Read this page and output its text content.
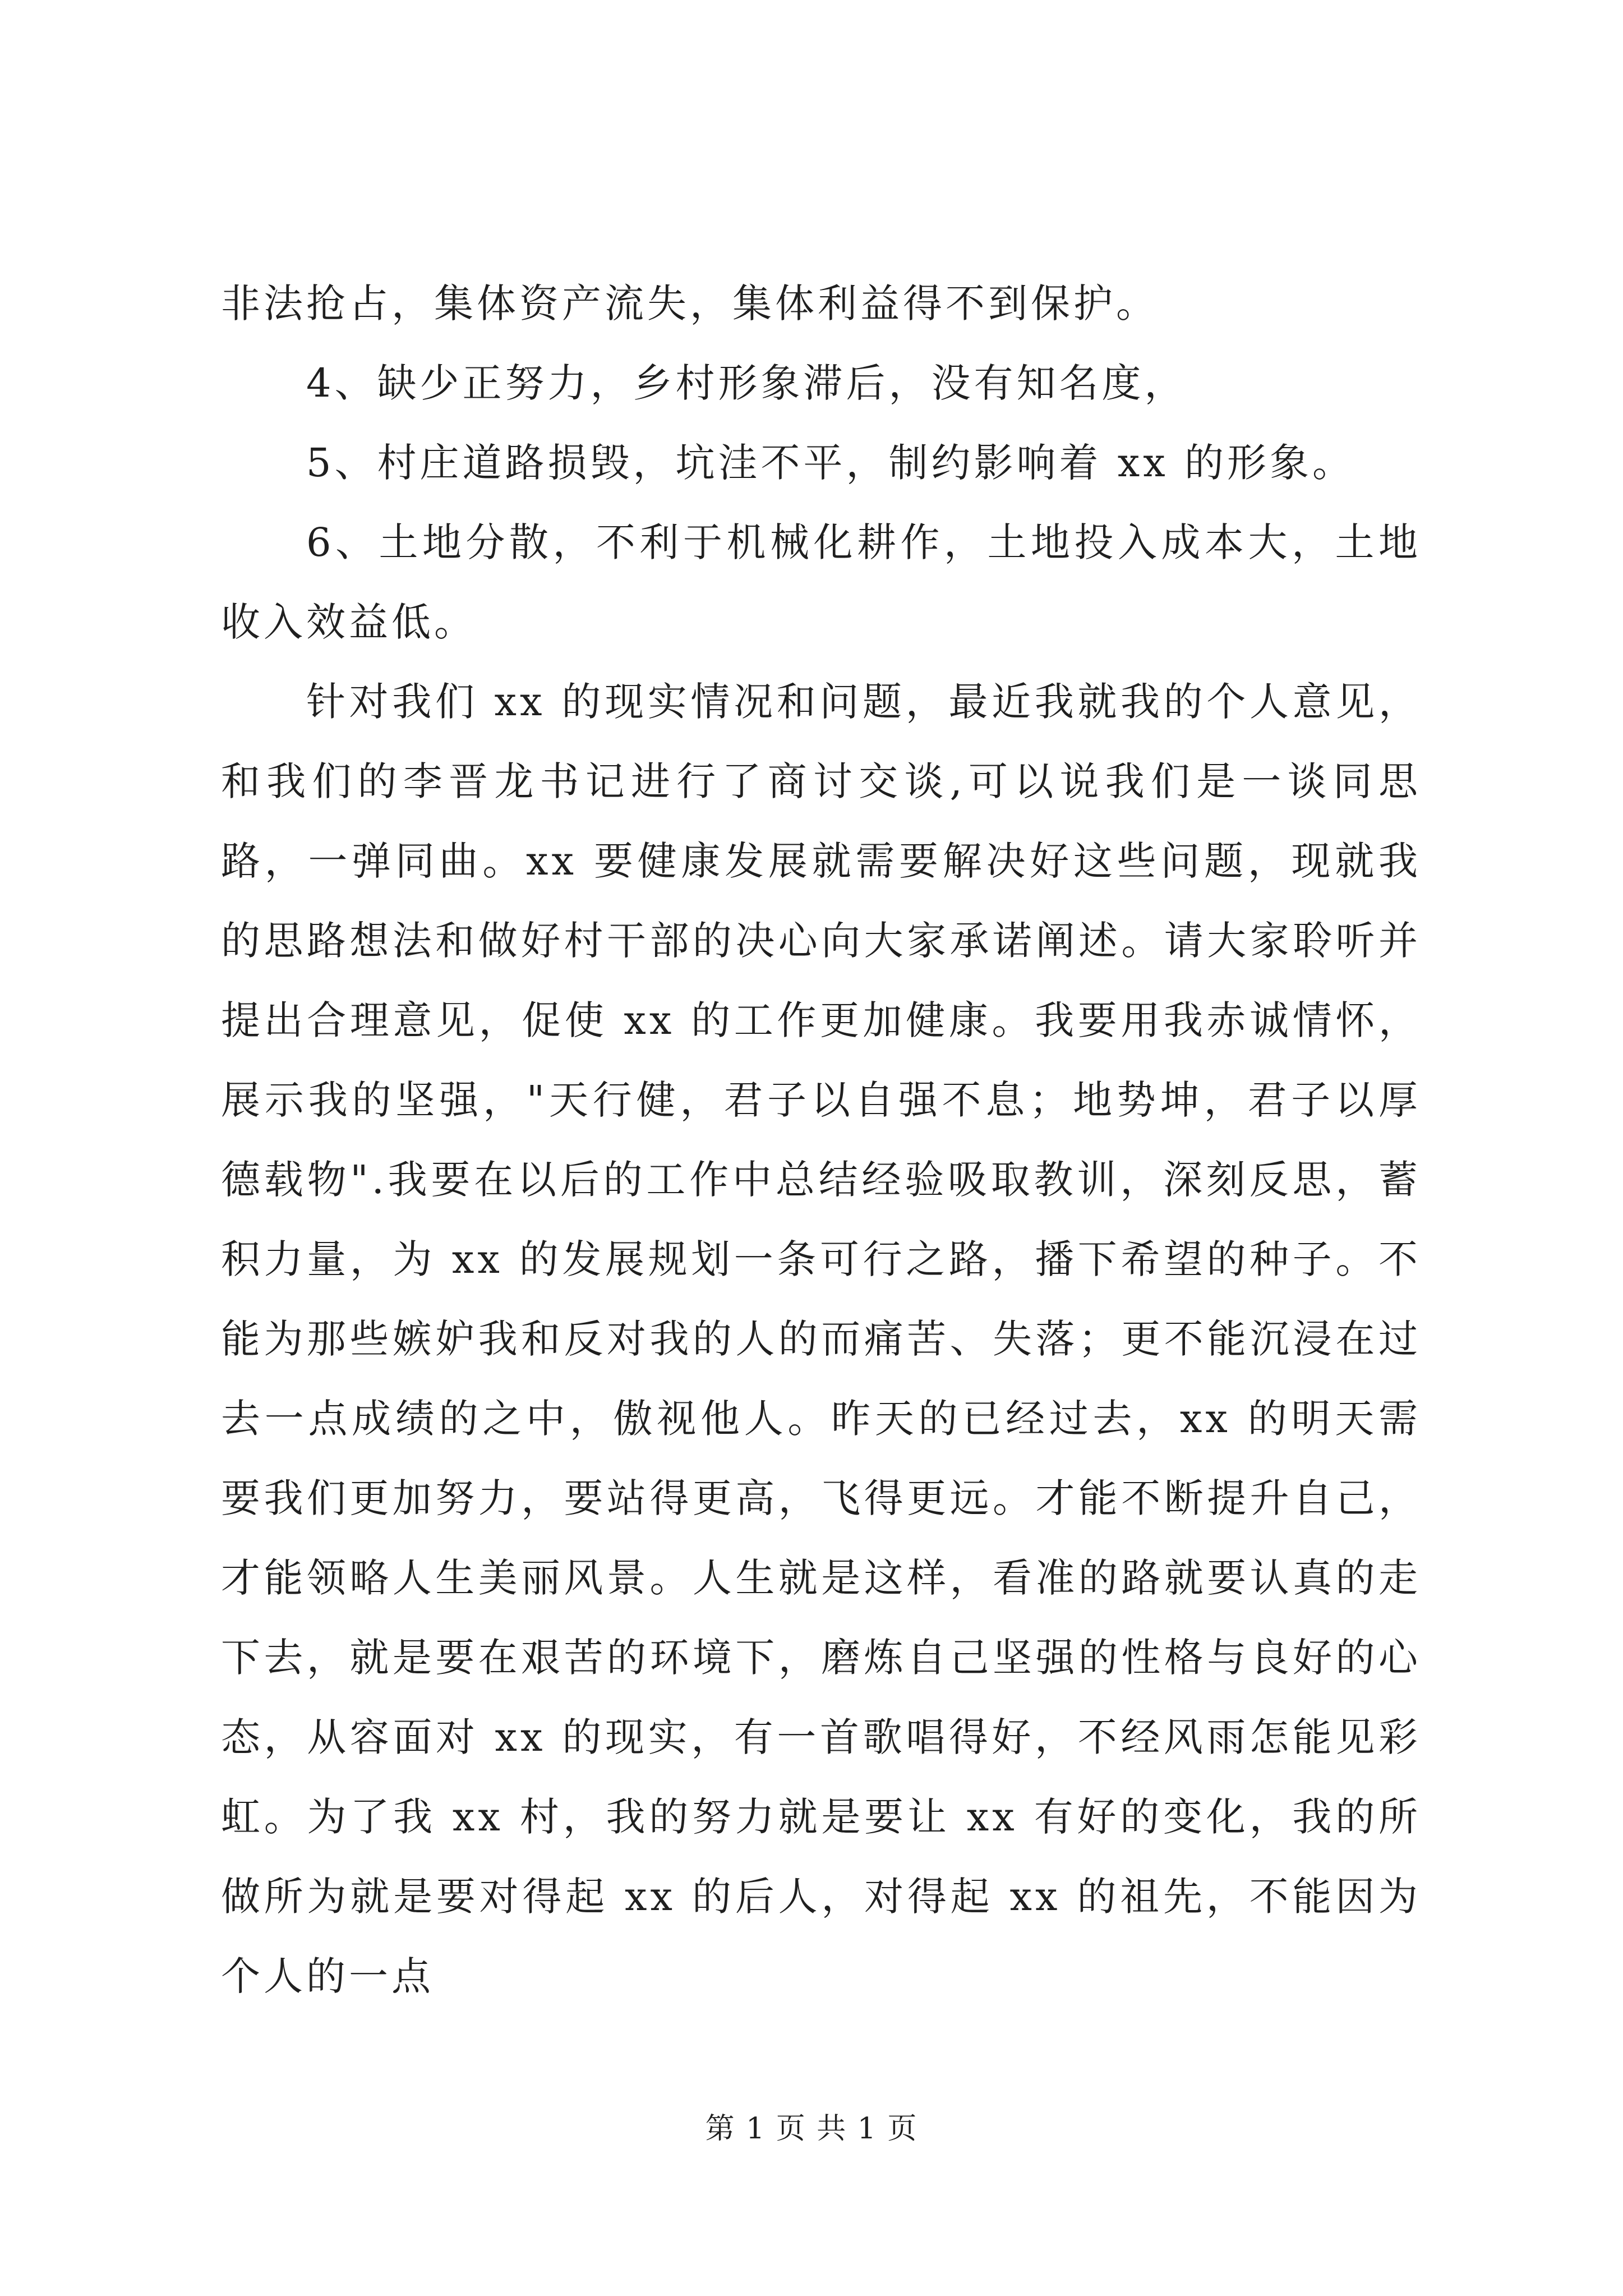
非法抢占，集体资产流失，集体利益得不到保护。

4、缺少正努力，乡村形象滞后，没有知名度，

5、村庄道路损毁，坑洼不平，制约影响着 xx 的形象。

6、土地分散，不利于机械化耕作，土地投入成本大，土地收入效益低。

针对我们 xx 的现实情况和问题，最近我就我的个人意见，和我们的李晋龙书记进行了商讨交谈,可以说我们是一谈同思路，一弹同曲。xx 要健康发展就需要解决好这些问题，现就我的思路想法和做好村干部的决心向大家承诺阐述。请大家聆听并提出合理意见，促使 xx 的工作更加健康。我要用我赤诚情怀，展示我的坚强，"天行健，君子以自强不息；地势坤，君子以厚德载物".我要在以后的工作中总结经验吸取教训，深刻反思，蓄积力量，为 xx 的发展规划一条可行之路，播下希望的种子。不能为那些嫉妒我和反对我的人的而痛苦、失落；更不能沉浸在过去一点成绩的之中，傲视他人。昨天的已经过去，xx 的明天需要我们更加努力，要站得更高，飞得更远。才能不断提升自己，才能领略人生美丽风景。人生就是这样，看准的路就要认真的走下去，就是要在艰苦的环境下，磨炼自己坚强的性格与良好的心态，从容面对 xx 的现实，有一首歌唱得好，不经风雨怎能见彩虹。为了我 xx 村，我的努力就是要让 xx 有好的变化，我的所做所为就是要对得起 xx 的后人，对得起 xx 的祖先，不能因为个人的一点

第 1 页 共 1 页
